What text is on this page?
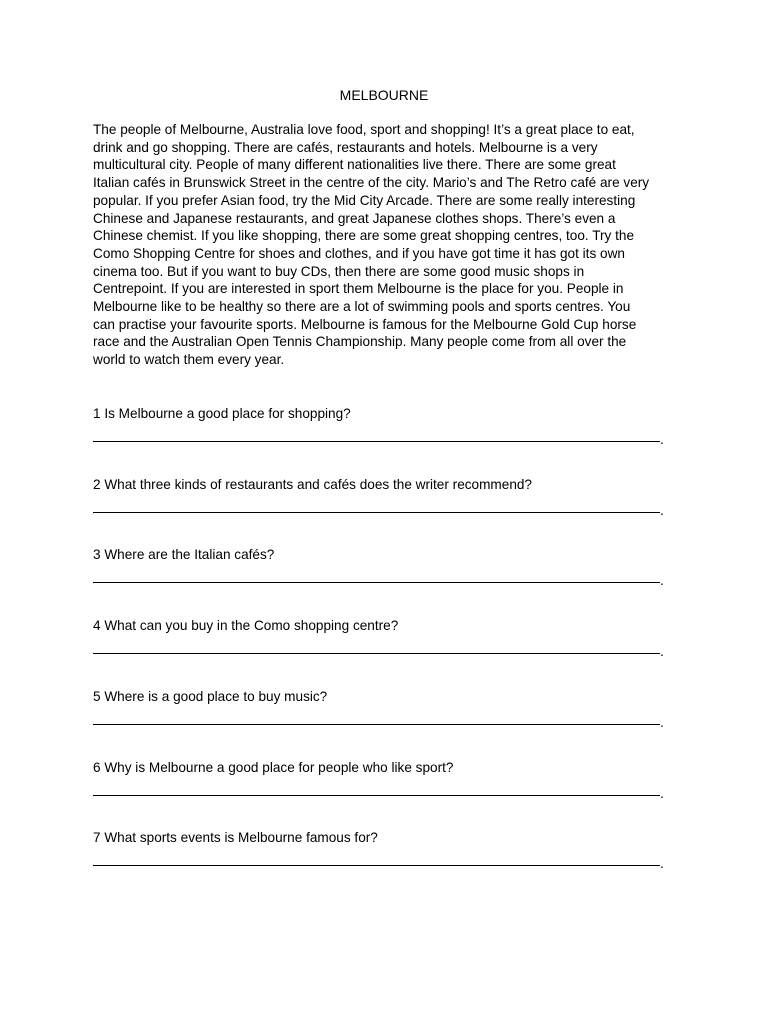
MELBOURNE

The people of Melbourne, Australia love food, sport and shopping! It’s a great place to eat,
drink and go shopping. There are cafés, restaurants and hotels. Melbourne is a very
multicultural city. People of many different nationalities live there. There are some great
Italian cafés in Brunswick Street in the centre of the city. Mario’s and The Retro café are very
popular. If you prefer Asian food, try the Mid City Arcade. There are some really interesting
Chinese and Japanese restaurants, and great Japanese clothes shops. There’s even a
Chinese chemist. If you like shopping, there are some great shopping centres, too. Try the
Como Shopping Centre for shoes and clothes, and if you have got time it has got its own
cinema too. But if you want to buy CDs, then there are some good music shops in
Centrepoint. If you are interested in sport them Melbourne is the place for you. People in
Melbourne like to be healthy so there are a lot of swimming pools and sports centres. You
can practise your favourite sports. Melbourne is famous for the Melbourne Gold Cup horse
race and the Australian Open Tennis Championship. Many people come from all over the
world to watch them every year.

1 Is Melbourne a good place for shopping?
.
2 What three kinds of restaurants and cafés does the writer recommend?
.
3 Where are the Italian cafés?
.
4 What can you buy in the Como shopping centre?
.
5 Where is a good place to buy music?
.
6 Why is Melbourne a good place for people who like sport?
.
7 What sports events is Melbourne famous for?
.
